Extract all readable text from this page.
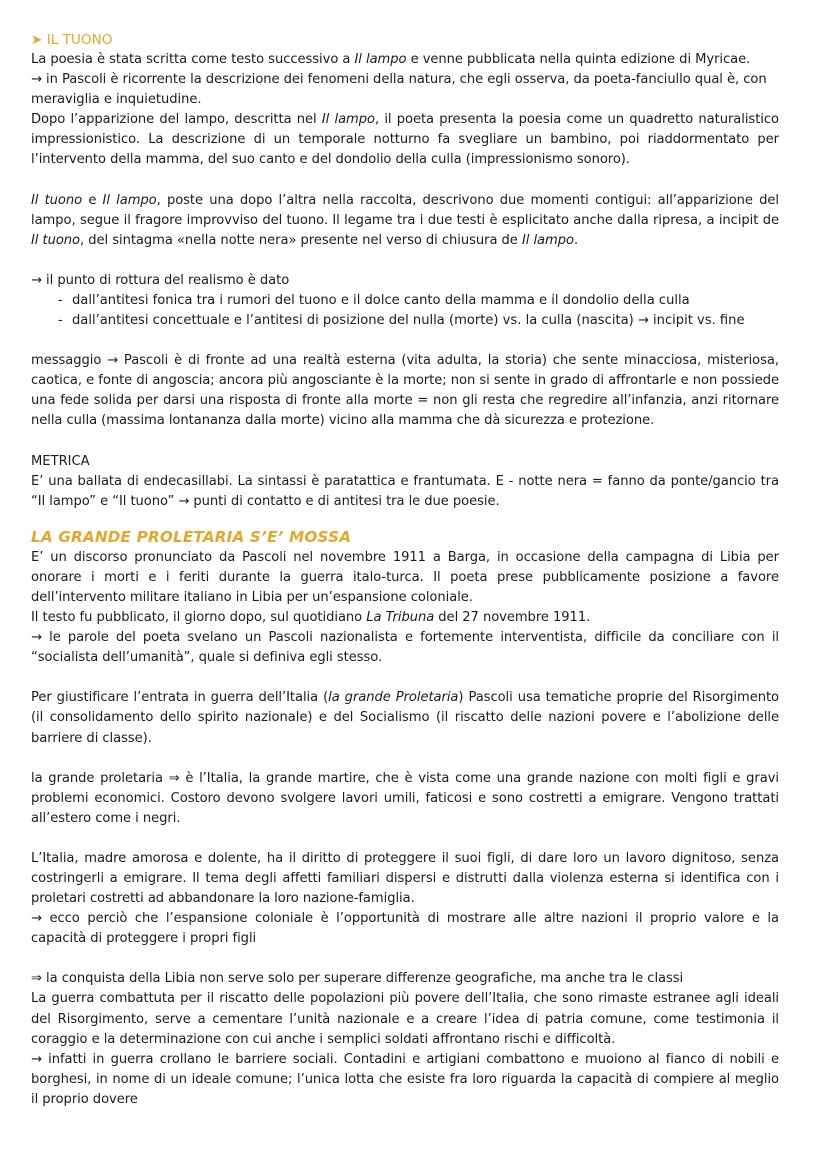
➤ IL TUONO

La poesia è stata scritta come testo successivo a Il lampo e venne pubblicata nella quinta edizione di Myricae.

→ in Pascoli è ricorrente la descrizione dei fenomeni della natura, che egli osserva, da poeta-fanciullo qual è, con meraviglia e inquietudine.

Dopo l’apparizione del lampo, descritta nel Il lampo, il poeta presenta la poesia come un quadretto naturalistico impressionistico. La descrizione di un temporale notturno fa svegliare un bambino, poi riaddormentato per l’intervento della mamma, del suo canto e del dondolio della culla (impressionismo sonoro).

Il tuono e Il lampo, poste una dopo l’altra nella raccolta, descrivono due momenti contigui: all’apparizione del lampo, segue il fragore improvviso del tuono. Il legame tra i due testi è esplicitato anche dalla ripresa, a incipit de Il tuono, del sintagma «nella notte nera» presente nel verso di chiusura de Il lampo.

→ il punto di rottura del realismo è dato

- dall’antitesi fonica tra i rumori del tuono e il dolce canto della mamma e il dondolio della culla
- dall’antitesi concettuale e l’antitesi di posizione del nulla (morte) vs. la culla (nascita) → incipit vs. fine

messaggio → Pascoli è di fronte ad una realtà esterna (vita adulta, la storia) che sente minacciosa, misteriosa, caotica, e fonte di angoscia; ancora più angosciante è la morte; non si sente in grado di affrontarle e non possiede una fede solida per darsi una risposta di fronte alla morte = non gli resta che regredire all’infanzia, anzi ritornare nella culla (massima lontananza dalla morte) vicino alla mamma che dà sicurezza e protezione.

METRICA

E’ una ballata di endecasillabi. La sintassi è paratattica e frantumata. E - notte nera = fanno da ponte/gancio tra “Il lampo” e “Il tuono” → punti di contatto e di antitesi tra le due poesie.

LA GRANDE PROLETARIA S’E’ MOSSA

E’ un discorso pronunciato da Pascoli nel novembre 1911 a Barga, in occasione della campagna di Libia per onorare i morti e i feriti durante la guerra italo-turca. Il poeta prese pubblicamente posizione a favore dell’intervento militare italiano in Libia per un’espansione coloniale.

Il testo fu pubblicato, il giorno dopo, sul quotidiano La Tribuna del 27 novembre 1911.

→ le parole del poeta svelano un Pascoli nazionalista e fortemente interventista, difficile da conciliare con il “socialista dell’umanità”, quale si definiva egli stesso.

Per giustificare l’entrata in guerra dell’Italia (la grande Proletaria) Pascoli usa tematiche proprie del Risorgimento (il consolidamento dello spirito nazionale) e del Socialismo (il riscatto delle nazioni povere e l’abolizione delle barriere di classe).

la grande proletaria ⇒ è l’Italia, la grande martire, che è vista come una grande nazione con molti figli e gravi problemi economici. Costoro devono svolgere lavori umili, faticosi e sono costretti a emigrare. Vengono trattati all’estero come i negri.

L’Italia, madre amorosa e dolente, ha il diritto di proteggere il suoi figli, di dare loro un lavoro dignitoso, senza costringerli a emigrare. Il tema degli affetti familiari dispersi e distrutti dalla violenza esterna si identifica con i proletari costretti ad abbandonare la loro nazione-famiglia.

→ ecco perciò che l’espansione coloniale è l’opportunità di mostrare alle altre nazioni il proprio valore e la capacità di proteggere i propri figli

⇒ la conquista della Libia non serve solo per superare differenze geografiche, ma anche tra le classi

La guerra combattuta per il riscatto delle popolazioni più povere dell’Italia, che sono rimaste estranee agli ideali del Risorgimento, serve a cementare l’unità nazionale e a creare l’idea di patria comune, come testimonia il coraggio e la determinazione con cui anche i semplici soldati affrontano rischi e difficoltà.

→ infatti in guerra crollano le barriere sociali. Contadini e artigiani combattono e muoiono al fianco di nobili e borghesi, in nome di un ideale comune; l’unica lotta che esiste fra loro riguarda la capacità di compiere al meglio il proprio dovere
